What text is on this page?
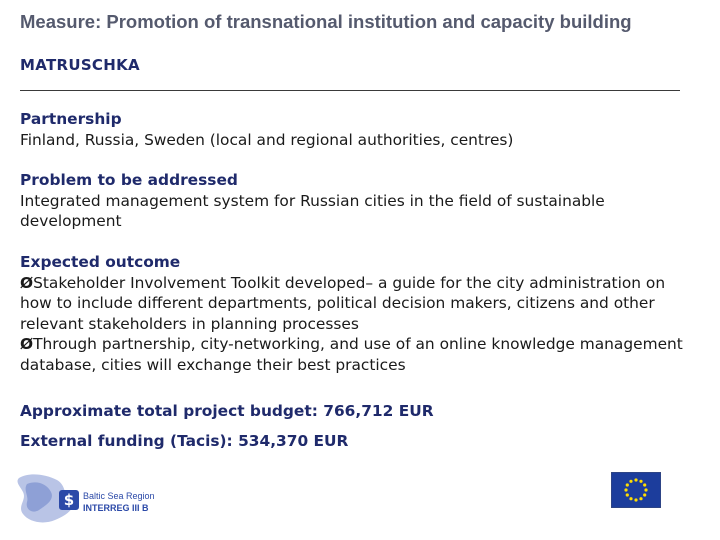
Measure: Promotion of transnational institution and capacity building
MATRUSCHKA
Partnership
Finland, Russia, Sweden (local and regional authorities, centres)
Problem to be addressed
Integrated management system for Russian cities in the field of sustainable development
Expected outcome
ØStakeholder Involvement Toolkit developed– a guide for the city administration on how to include different departments, political decision makers, citizens and other relevant stakeholders in planning processes
ØThrough partnership, city-networking, and use of an online knowledge management database, cities will exchange their best practices
Approximate total project budget: 766,712 EUR
External funding (Tacis): 534,370 EUR
$ Baltic Sea Region
INTERREG III B
